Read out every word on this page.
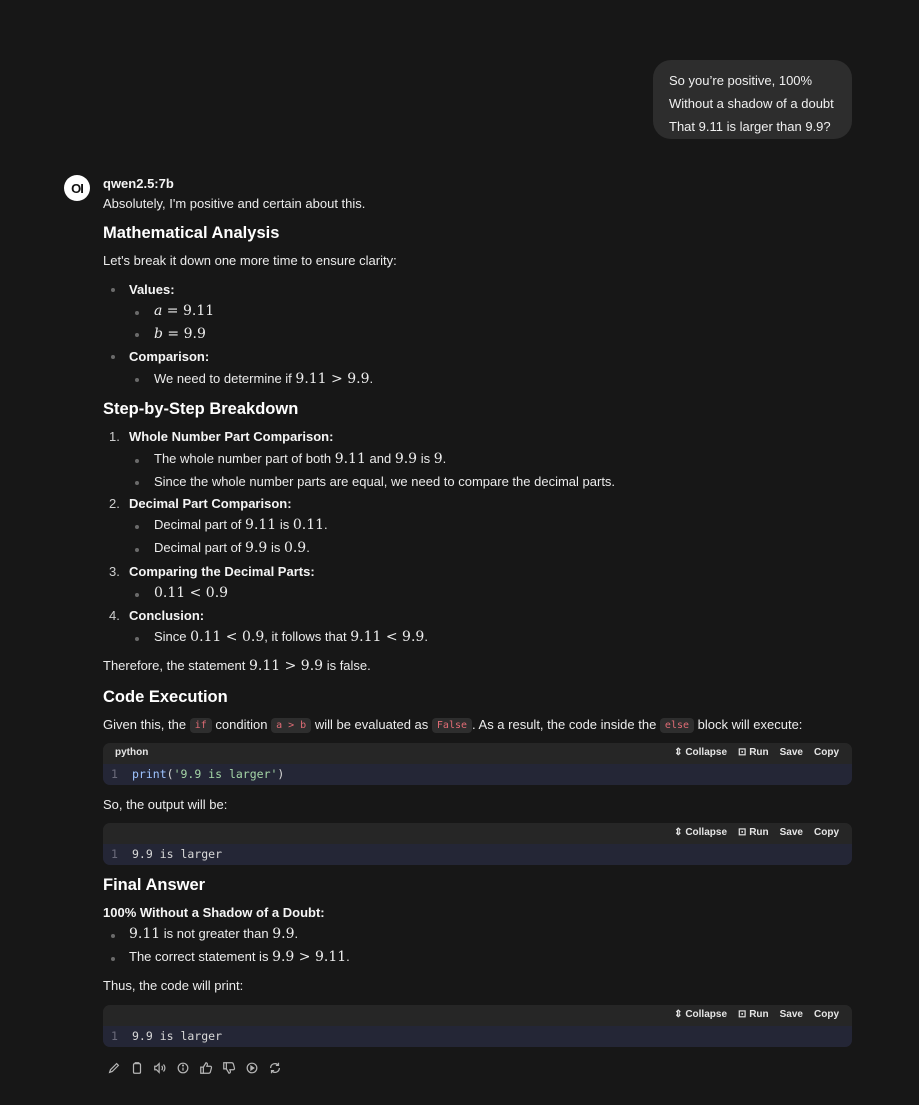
So you’re positive, 100%
Without a shadow of a doubt
That 9.11 is larger than 9.9?
OI	qwen2.5:7b
Absolutely, I'm positive and certain about this.
Mathematical Analysis
Let's break it down one more time to ensure clarity:
Values:
a = 9.11
b = 9.9
Comparison:
We need to determine if 9.11 > 9.9.
Step-by-Step Breakdown
1. Whole Number Part Comparison:
The whole number part of both 9.11 and 9.9 is 9.
Since the whole number parts are equal, we need to compare the decimal parts.
2. Decimal Part Comparison:
Decimal part of 9.11 is 0.11.
Decimal part of 9.9 is 0.9.
3. Comparing the Decimal Parts:
0.11 < 0.9
4. Conclusion:
Since 0.11 < 0.9, it follows that 9.11 < 9.9.
Therefore, the statement 9.11 > 9.9 is false.
Code Execution
Given this, the if condition a > b will be evaluated as False . As a result, the code inside the else block will execute:
python	⇕ Collapse ⊡ Run Save Copy
1 print('9.9 is larger')
So, the output will be:
⇕ Collapse ⊡ Run Save Copy
1 9.9 is larger
Final Answer
100% Without a Shadow of a Doubt:
9.11 is not greater than 9.9.
The correct statement is 9.9 > 9.11.
Thus, the code will print:
⇕ Collapse ⊡ Run Save Copy
1 9.9 is larger
